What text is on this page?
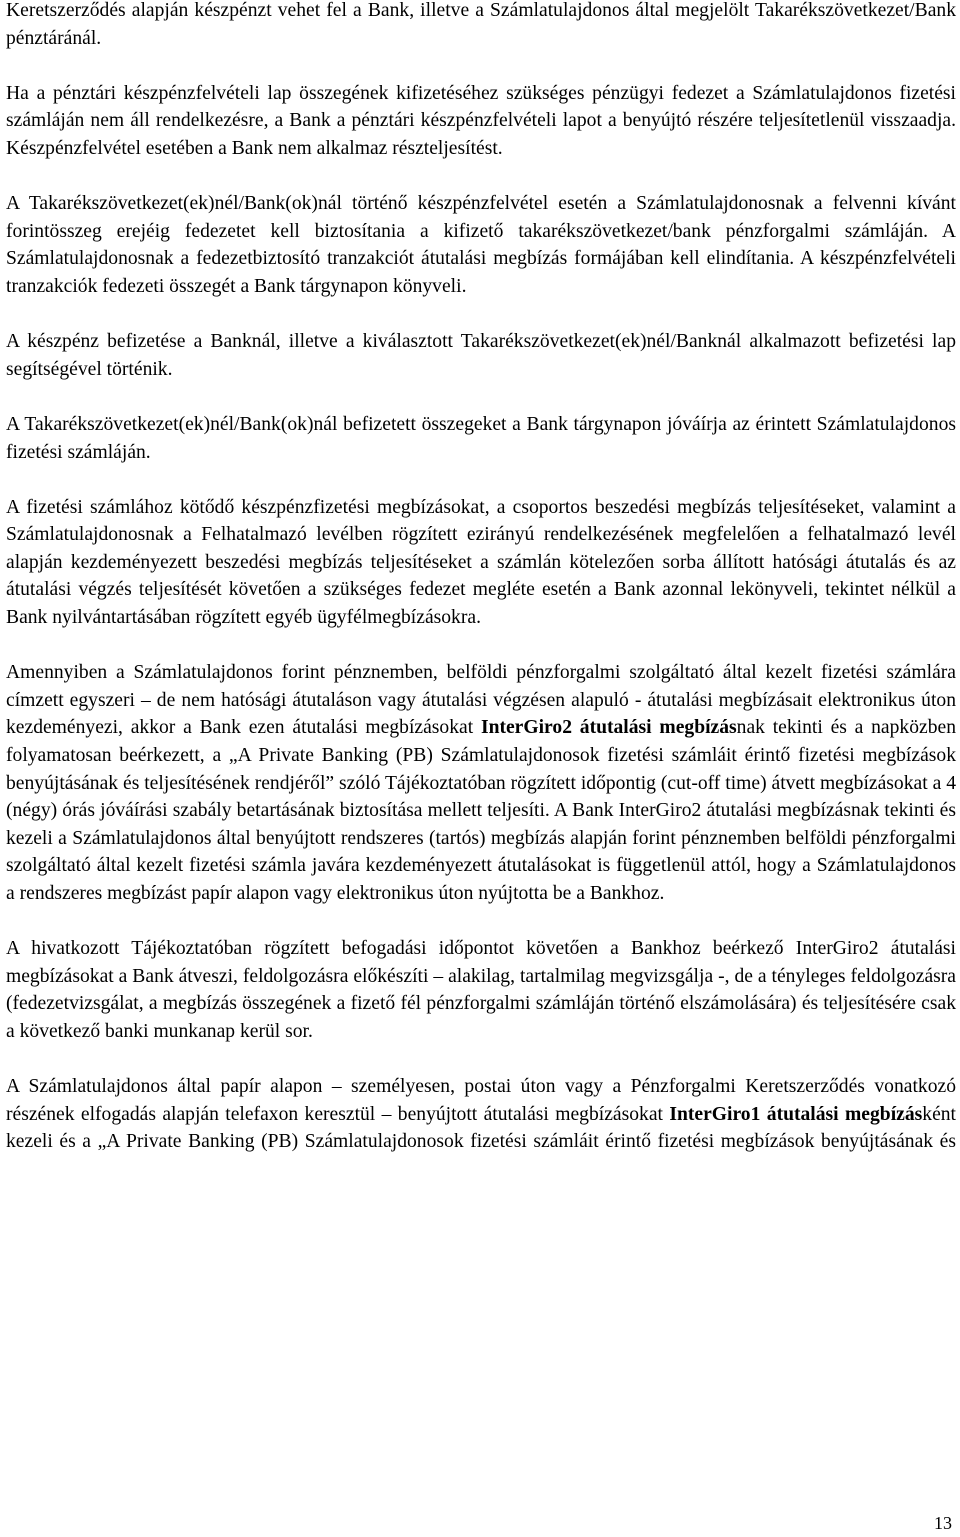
Keretszerződés alapján készpénzt vehet fel a Bank, illetve a Számlatulajdonos által megjelölt Takarékszövetkezet/Bank pénztáránál.

Ha a pénztári készpénzfelvételi lap összegének kifizetéséhez szükséges pénzügyi fedezet a Számlatulajdonos fizetési számláján nem áll rendelkezésre, a Bank a pénztári készpénzfelvételi lapot a benyújtó részére teljesítetlenül visszaadja. Készpénzfelvétel esetében a Bank nem alkalmaz részteljesítést.

A Takarékszövetkezet(ek)nél/Bank(ok)nál történő készpénzfelvétel esetén a Számlatulajdonosnak a felvenni kívánt forintösszeg erejéig fedezetet kell biztosítania a kifizető takarékszövetkezet/bank pénzforgalmi számláján. A Számlatulajdonosnak a fedezetbiztosító tranzakciót átutalási megbízás formájában kell elindítania. A készpénzfelvételi tranzakciók fedezeti összegét a Bank tárgynapon könyveli.

A készpénz befizetése a Banknál, illetve a kiválasztott Takarékszövetkezet(ek)nél/Banknál alkalmazott befizetési lap segítségével történik.

A Takarékszövetkezet(ek)nél/Bank(ok)nál befizetett összegeket a Bank tárgynapon jóváírja az érintett Számlatulajdonos fizetési számláján.

A fizetési számlához kötődő készpénzfizetési megbízásokat, a csoportos beszedési megbízás teljesítéseket, valamint a Számlatulajdonosnak a Felhatalmazó levélben rögzített ezirányú rendelkezésének megfelelően a felhatalmazó levél alapján kezdeményezett beszedési megbízás teljesítéseket a számlán kötelezően sorba állított hatósági átutalás és az átutalási végzés teljesítését követően a szükséges fedezet megléte esetén a Bank azonnal lekönyveli, tekintet nélkül a Bank nyilvántartásában rögzített egyéb ügyfélmegbízásokra.

Amennyiben a Számlatulajdonos forint pénznemben, belföldi pénzforgalmi szolgáltató által kezelt fizetési számlára címzett egyszeri – de nem hatósági átutaláson vagy átutalási végzésen alapuló - átutalási megbízásait elektronikus úton kezdeményezi, akkor a Bank ezen átutalási megbízásokat InterGiro2 átutalási megbízásnak tekinti és a napközben folyamatosan beérkezett, a „A Private Banking (PB) Számlatulajdonosok fizetési számláit érintő fizetési megbízások benyújtásának és teljesítésének rendjéről” szóló Tájékoztatóban rögzített időpontig (cut-off time) átvett megbízásokat a 4 (négy) órás jóváírási szabály betartásának biztosítása mellett teljesíti. A Bank InterGiro2 átutalási megbízásnak tekinti és kezeli a Számlatulajdonos által benyújtott rendszeres (tartós) megbízás alapján forint pénznemben belföldi pénzforgalmi szolgáltató által kezelt fizetési számla javára kezdeményezett átutalásokat is függetlenül attól, hogy a Számlatulajdonos a rendszeres megbízást papír alapon vagy elektronikus úton nyújtotta be a Bankhoz.

A hivatkozott Tájékoztatóban rögzített befogadási időpontot követően a Bankhoz beérkező InterGiro2 átutalási megbízásokat a Bank átveszi, feldolgozásra előkészíti – alakilag, tartalmilag megvizsgálja -, de a tényleges feldolgozásra (fedezetvizsgálat, a megbízás összegének a fizető fél pénzforgalmi számláján történő elszámolására) és teljesítésére csak a következő banki munkanap kerül sor.

A Számlatulajdonos által papír alapon – személyesen, postai úton vagy a Pénzforgalmi Keretszerződés vonatkozó részének elfogadás alapján telefaxon keresztül – benyújtott átutalási megbízásokat InterGiro1 átutalási megbízásként kezeli és a „A Private Banking (PB) Számlatulajdonosok fizetési számláit érintő fizetési megbízások benyújtásának és

13
